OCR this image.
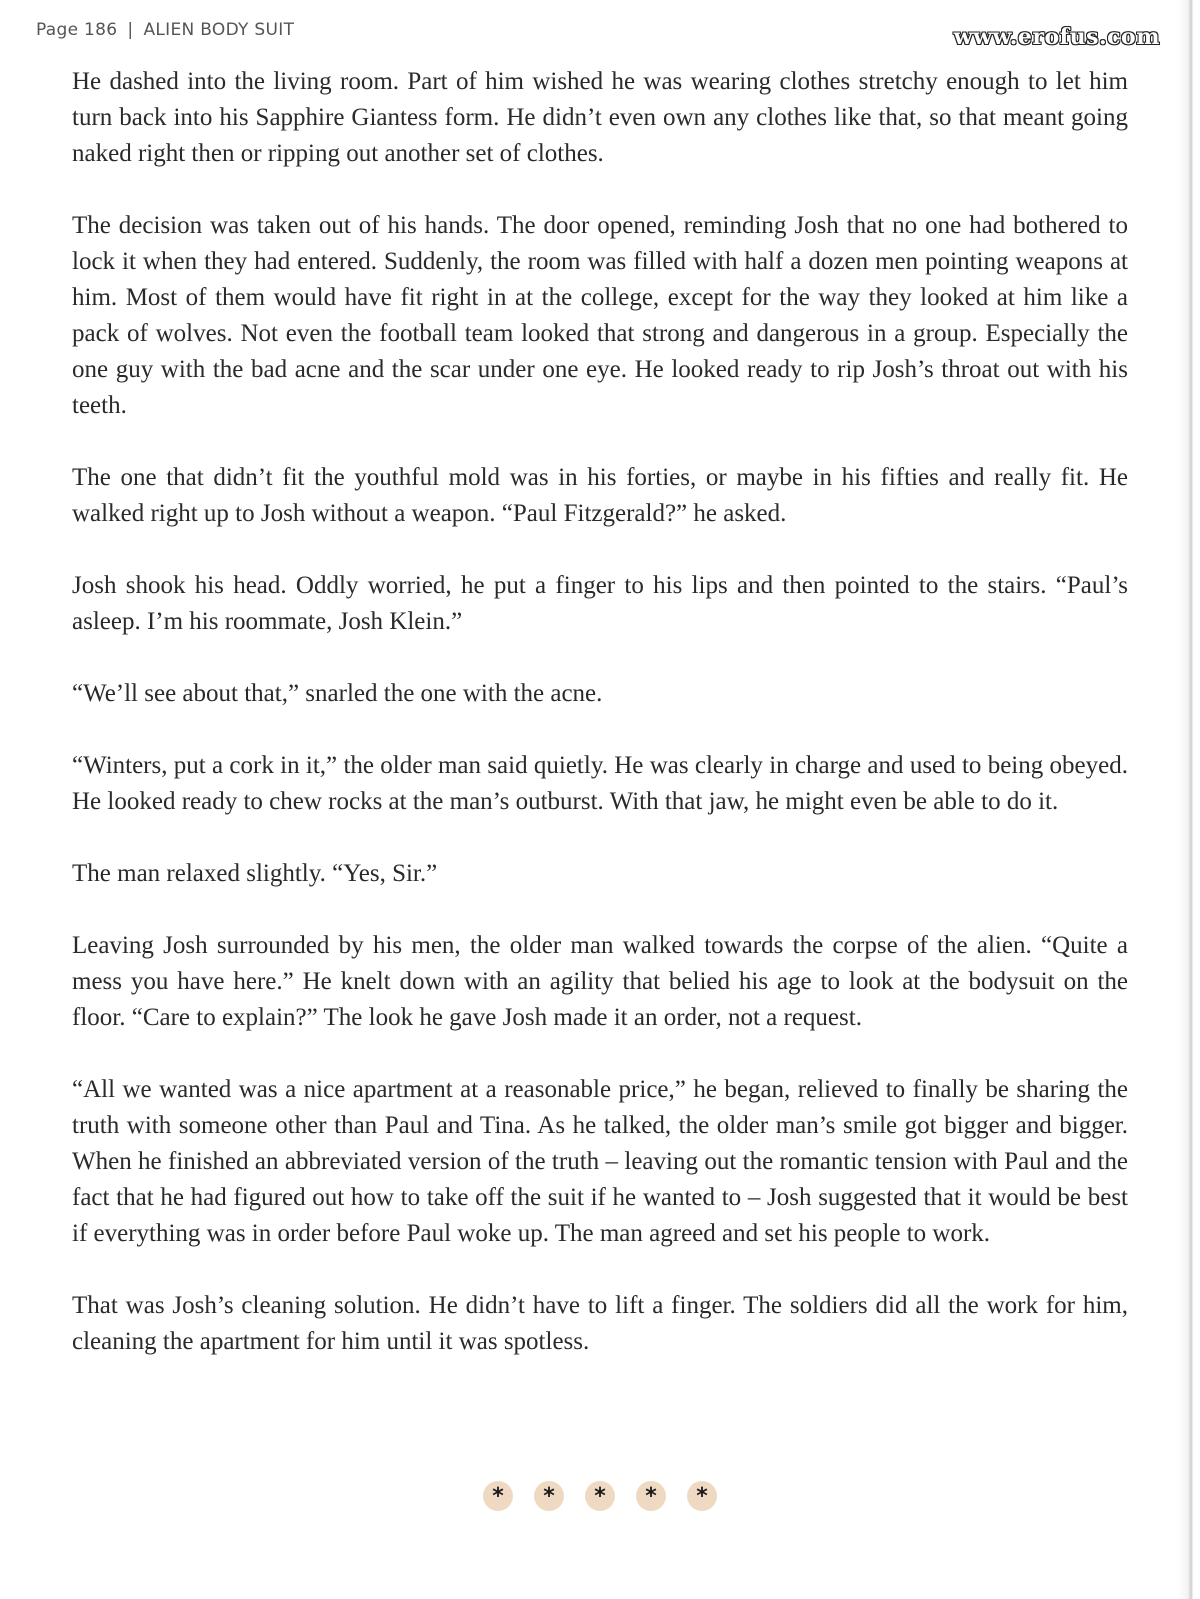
Page 186 | ALIEN BODY SUIT	www.erofus.com

He dashed into the living room. Part of him wished he was wearing clothes stretchy enough to let him turn back into his Sapphire Giantess form. He didn’t even own any clothes like that, so that meant going naked right then or ripping out another set of clothes.

The decision was taken out of his hands. The door opened, reminding Josh that no one had bothered to lock it when they had entered. Suddenly, the room was filled with half a dozen men pointing weapons at him. Most of them would have fit right in at the college, except for the way they looked at him like a pack of wolves. Not even the football team looked that strong and dangerous in a group. Especially the one guy with the bad acne and the scar under one eye. He looked ready to rip Josh’s throat out with his teeth.

The one that didn’t fit the youthful mold was in his forties, or maybe in his fifties and really fit. He walked right up to Josh without a weapon. “Paul Fitzgerald?” he asked.

Josh shook his head. Oddly worried, he put a finger to his lips and then pointed to the stairs. “Paul’s asleep. I’m his roommate, Josh Klein.”

“We’ll see about that,” snarled the one with the acne.

“Winters, put a cork in it,” the older man said quietly. He was clearly in charge and used to being obeyed. He looked ready to chew rocks at the man’s outburst. With that jaw, he might even be able to do it.

The man relaxed slightly. “Yes, Sir.”

Leaving Josh surrounded by his men, the older man walked towards the corpse of the alien. “Quite a mess you have here.” He knelt down with an agility that belied his age to look at the bodysuit on the floor. “Care to explain?” The look he gave Josh made it an order, not a request.

“All we wanted was a nice apartment at a reasonable price,” he began, relieved to finally be sharing the truth with someone other than Paul and Tina. As he talked, the older man’s smile got bigger and bigger. When he finished an abbreviated version of the truth – leaving out the romantic tension with Paul and the fact that he had figured out how to take off the suit if he wanted to – Josh suggested that it would be best if everything was in order before Paul woke up. The man agreed and set his people to work.

That was Josh’s cleaning solution. He didn’t have to lift a finger. The soldiers did all the work for him, cleaning the apartment for him until it was spotless.

*	*	*	*	*
